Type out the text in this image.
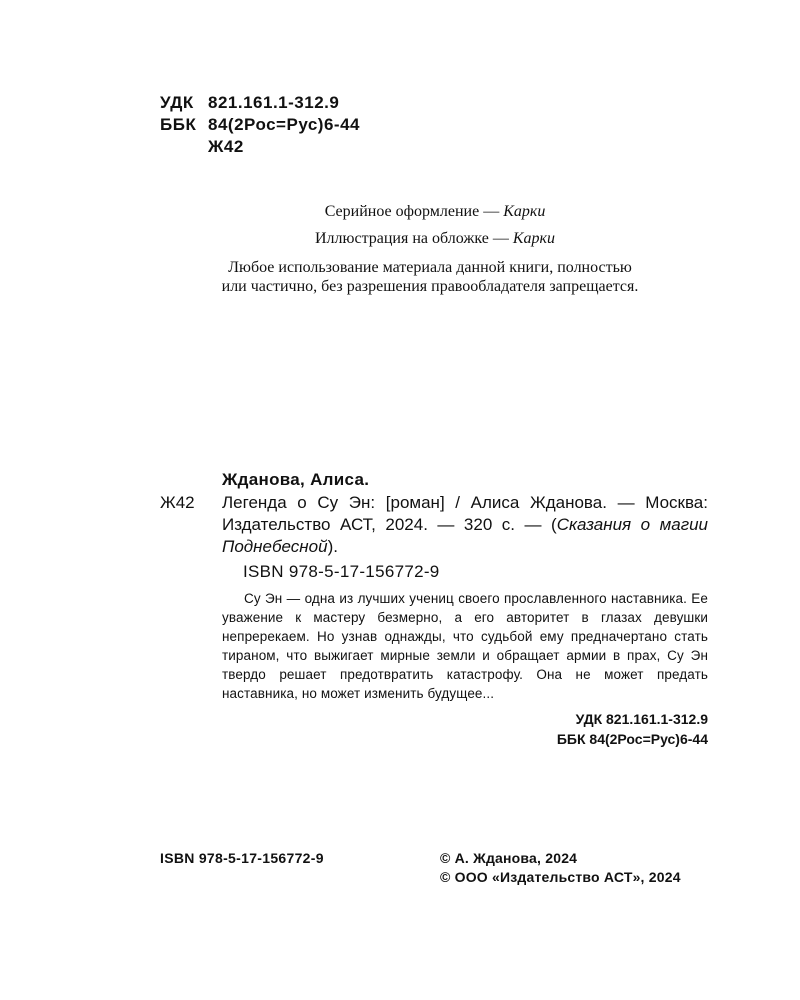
УДК 821.161.1-312.9
ББК 84(2Рос=Рус)6-44
Ж42
Серийное оформление — Карки
Иллюстрация на обложке — Карки
Любое использование материала данной книги, полностью
или частично, без разрешения правообладателя запрещается.
Жданова, Алиса.
Ж42 Легенда о Су Эн: [роман] / Алиса Жданова. — Москва: Издательство АСТ, 2024. — 320 с. — (Сказания о магии Поднебесной).
ISBN 978-5-17-156772-9
Су Эн — одна из лучших учениц своего прославленного наставника. Ее уважение к мастеру безмерно, а его авторитет в глазах девушки непререкаем. Но узнав однажды, что судьбой ему предначертано стать тираном, что выжигает мирные земли и обращает армии в прах, Су Эн твердо решает предотвратить катастрофу. Она не может предать наставника, но может изменить будущее...
УДК 821.161.1-312.9
ББК 84(2Рос=Рус)6-44
ISBN 978-5-17-156772-9	© А. Жданова, 2024
© ООО «Издательство АСТ», 2024
